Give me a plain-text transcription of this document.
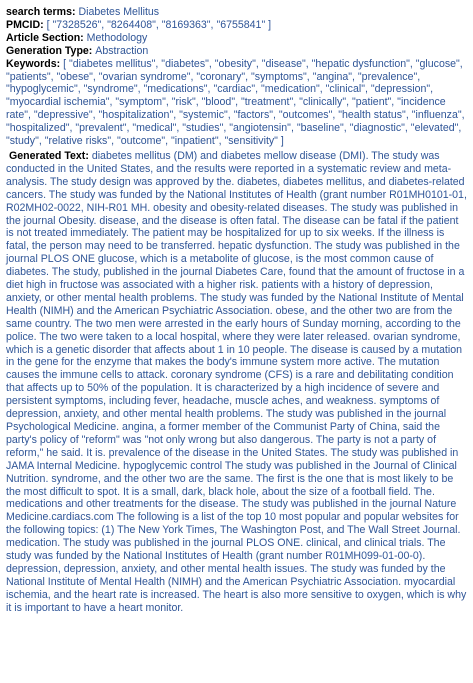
search terms: Diabetes Mellitus
PMCID: [ "7328526", "8264408", "8169363", "6755841" ]
Article Section: Methodology
Generation Type: Abstraction
Keywords: [ "diabetes mellitus", "diabetes", "obesity", "disease", "hepatic dysfunction", "glucose", "patients", "obese", "ovarian syndrome", "coronary", "symptoms", "angina", "prevalence", "hypoglycemic", "syndrome", "medications", "cardiac", "medication", "clinical", "depression", "myocardial ischemia", "symptom", "risk", "blood", "treatment", "clinically", "patient", "incidence rate", "depressive", "hospitalization", "systemic", "factors", "outcomes", "health status", "influenza", "hospitalized", "prevalent", "medical", "studies", "angiotensin", "baseline", "diagnostic", "elevated", "study", "relative risks", "outcome", "inpatient", "sensitivity" ]
Generated Text: diabetes mellitus (DM) and diabetes mellow disease (DMI). The study was conducted in the United States, and the results were reported in a systematic review and meta-analysis. The study design was approved by the. diabetes, diabetes mellitus, and diabetes-related cancers. The study was funded by the National Institutes of Health (grant number R01MH0101-01, R02MH02-0022, NIH-R01 MH. obesity and obesity-related diseases. The study was published in the journal Obesity. disease, and the disease is often fatal. The disease can be fatal if the patient is not treated immediately. The patient may be hospitalized for up to six weeks. If the illness is fatal, the person may need to be transferred. hepatic dysfunction. The study was published in the journal PLOS ONE glucose, which is a metabolite of glucose, is the most common cause of diabetes. The study, published in the journal Diabetes Care, found that the amount of fructose in a diet high in fructose was associated with a higher risk. patients with a history of depression, anxiety, or other mental health problems. The study was funded by the National Institute of Mental Health (NIMH) and the American Psychiatric Association. obese, and the other two are from the same country. The two men were arrested in the early hours of Sunday morning, according to the police. The two were taken to a local hospital, where they were later released. ovarian syndrome, which is a genetic disorder that affects about 1 in 10 people. The disease is caused by a mutation in the gene for the enzyme that makes the body's immune system more active. The mutation causes the immune cells to attack. coronary syndrome (CFS) is a rare and debilitating condition that affects up to 50% of the population. It is characterized by a high incidence of severe and persistent symptoms, including fever, headache, muscle aches, and weakness. symptoms of depression, anxiety, and other mental health problems. The study was published in the journal Psychological Medicine. angina, a former member of the Communist Party of China, said the party's policy of "reform" was "not only wrong but also dangerous. The party is not a party of reform," he said. It is. prevalence of the disease in the United States. The study was published in JAMA Internal Medicine. hypoglycemic control The study was published in the Journal of Clinical Nutrition. syndrome, and the other two are the same. The first is the one that is most likely to be the most difficult to spot. It is a small, dark, black hole, about the size of a football field. The. medications and other treatments for the disease. The study was published in the journal Nature Medicine.cardiacs.com The following is a list of the top 10 most popular and popular websites for the following topics: (1) The New York Times, The Washington Post, and The Wall Street Journal. medication. The study was published in the journal PLOS ONE. clinical, and clinical trials. The study was funded by the National Institutes of Health (grant number R01MH099-01-00-0). depression, depression, anxiety, and other mental health issues. The study was funded by the National Institute of Mental Health (NIMH) and the American Psychiatric Association. myocardial ischemia, and the heart rate is increased. The heart is also more sensitive to oxygen, which is why it is important to have a heart monitor.
